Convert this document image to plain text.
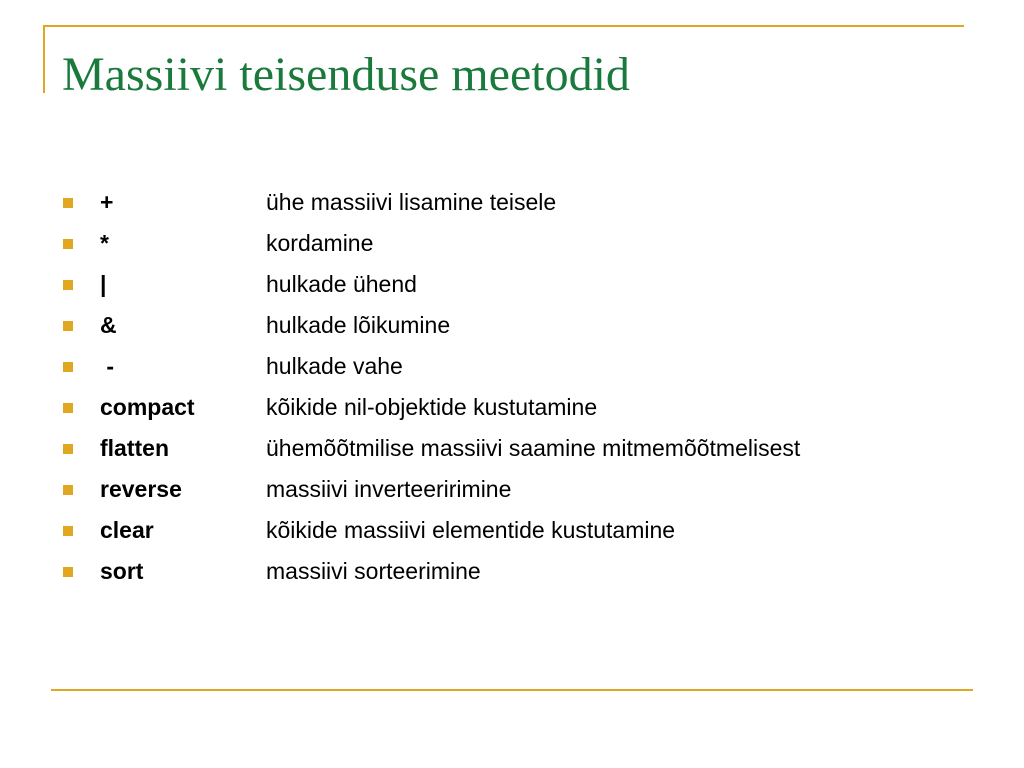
Massiivi teisenduse meetodid
+	ühe massiivi lisamine teisele
*	kordamine
|	hulkade ühend
&	hulkade lõikumine
-	hulkade vahe
compact	kõikide nil-objektide kustutamine
flatten	ühemõõtmilise massiivi saamine mitmemõõtmelisest
reverse	massiivi inverteeririmine
clear	kõikide massiivi elementide kustutamine
sort	massiivi sorteerimine
